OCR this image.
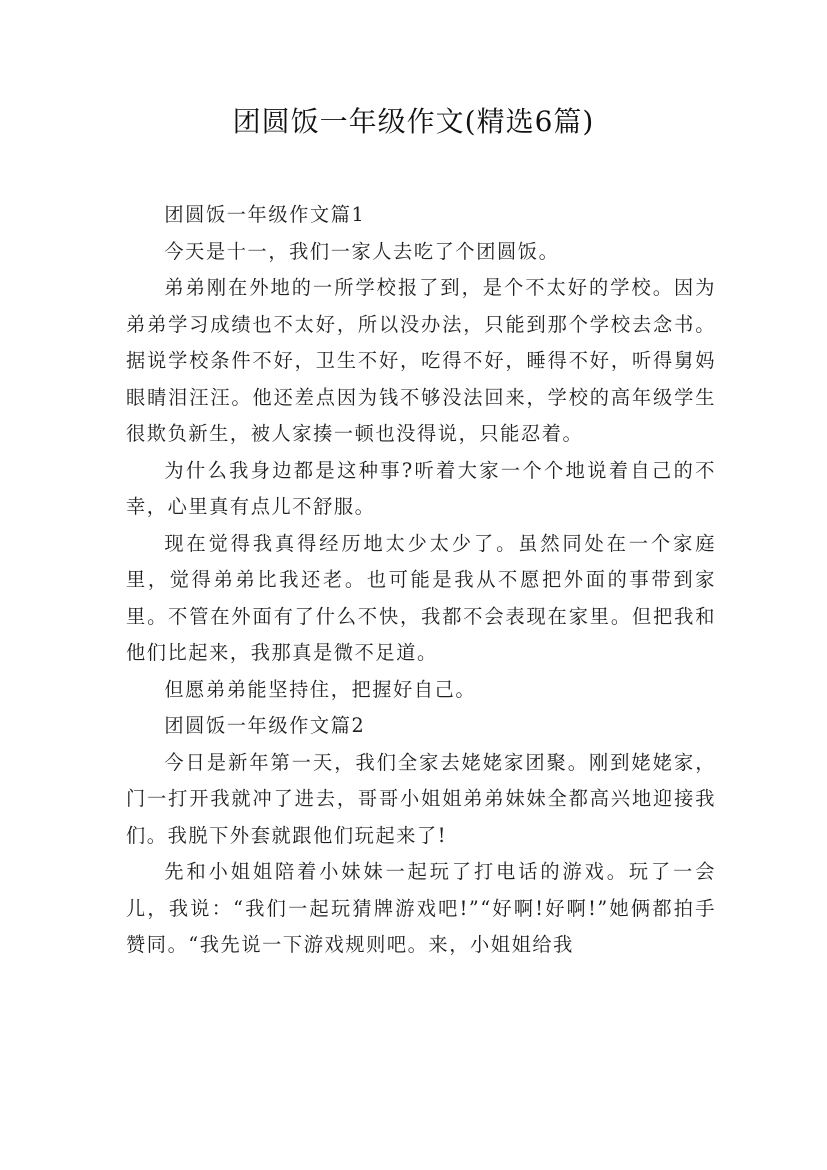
团圆饭一年级作文(精选6篇)

团圆饭一年级作文篇1

今天是十一，我们一家人去吃了个团圆饭。

弟弟刚在外地的一所学校报了到，是个不太好的学校。因为弟弟学习成绩也不太好，所以没办法，只能到那个学校去念书。据说学校条件不好，卫生不好，吃得不好，睡得不好，听得舅妈眼睛泪汪汪。他还差点因为钱不够没法回来，学校的高年级学生很欺负新生，被人家揍一顿也没得说，只能忍着。

为什么我身边都是这种事?听着大家一个个地说着自己的不幸，心里真有点儿不舒服。

现在觉得我真得经历地太少太少了。虽然同处在一个家庭里，觉得弟弟比我还老。也可能是我从不愿把外面的事带到家里。不管在外面有了什么不快，我都不会表现在家里。但把我和他们比起来，我那真是微不足道。

但愿弟弟能坚持住，把握好自己。

团圆饭一年级作文篇2

今日是新年第一天，我们全家去姥姥家团聚。刚到姥姥家，门一打开我就冲了进去，哥哥小姐姐弟弟妹妹全都高兴地迎接我们。我脱下外套就跟他们玩起来了!

先和小姐姐陪着小妹妹一起玩了打电话的游戏。玩了一会儿，我说：“我们一起玩猜牌游戏吧!”“好啊!好啊!”她俩都拍手赞同。“我先说一下游戏规则吧。来，小姐姐给我
